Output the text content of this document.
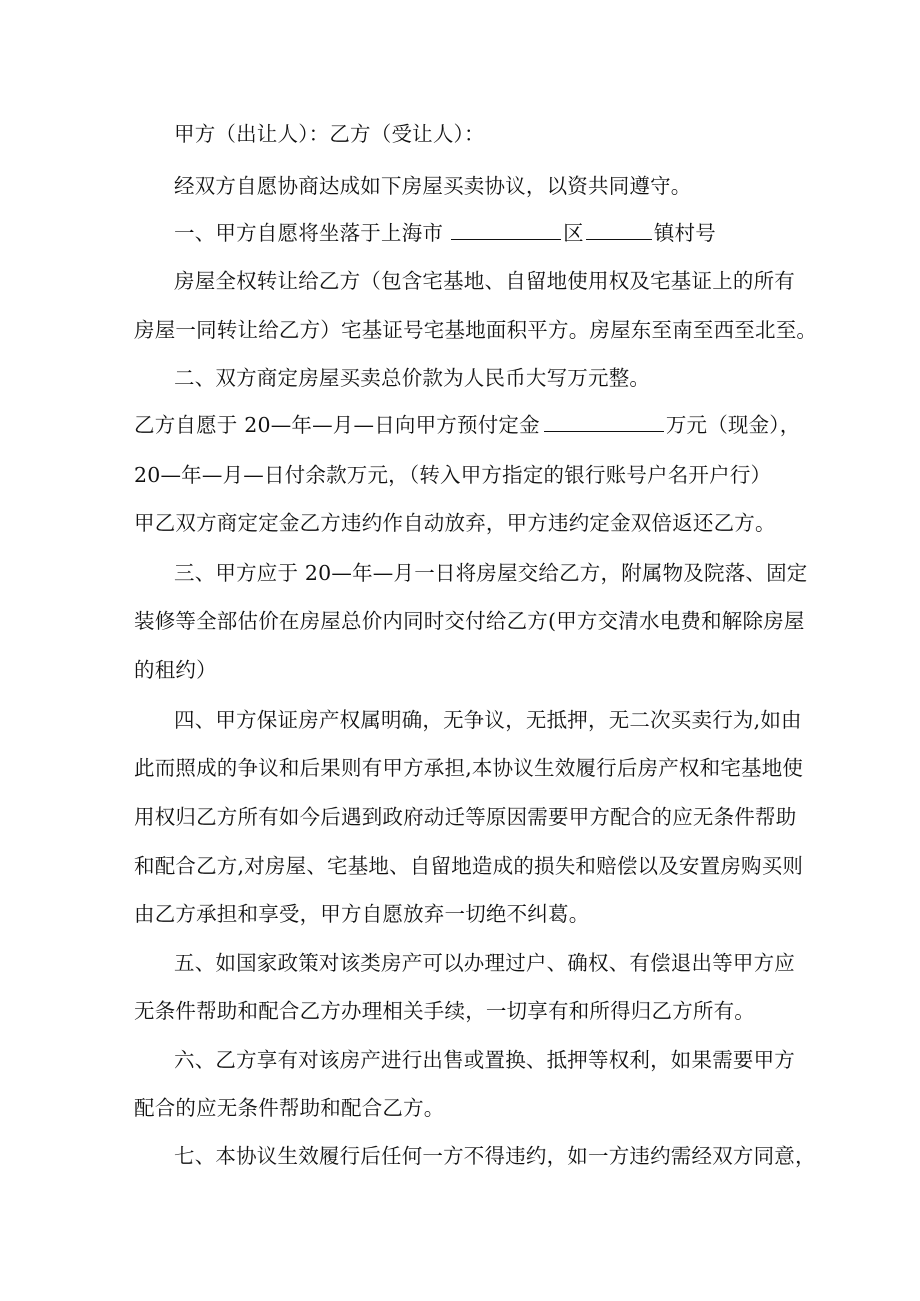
甲方（出让人）：乙方（受让人）：
经双方自愿协商达成如下房屋买卖协议，以资共同遵守。
一、甲方自愿将坐落于上海市	区	镇村号
房屋全权转让给乙方（包含宅基地、自留地使用权及宅基证上的所有
房屋一同转让给乙方）宅基证号宅基地面积平方。房屋东至南至西至北至。
二、双方商定房屋买卖总价款为人民币大写万元整。
乙方自愿于 20—年—月—日向甲方预付定金	万元（现金），
20—年—月—日付余款万元，（转入甲方指定的银行账号户名开户行）
甲乙双方商定定金乙方违约作自动放弃，甲方违约定金双倍返还乙方。
三、甲方应于 20—年—月一日将房屋交给乙方，附属物及院落、固定
装修等全部估价在房屋总价内同时交付给乙方(甲方交清水电费和解除房屋
的租约）
四、甲方保证房产权属明确，无争议，无抵押，无二次买卖行为,如由
此而照成的争议和后果则有甲方承担,本协议生效履行后房产权和宅基地使
用权归乙方所有如今后遇到政府动迁等原因需要甲方配合的应无条件帮助
和配合乙方,对房屋、宅基地、自留地造成的损失和赔偿以及安置房购买则
由乙方承担和享受，甲方自愿放弃一切绝不纠葛。
五、如国家政策对该类房产可以办理过户、确权、有偿退出等甲方应
无条件帮助和配合乙方办理相关手续，一切享有和所得归乙方所有。
六、乙方享有对该房产进行出售或置换、抵押等权利，如果需要甲方
配合的应无条件帮助和配合乙方。
七、本协议生效履行后任何一方不得违约，如一方违约需经双方同意，
